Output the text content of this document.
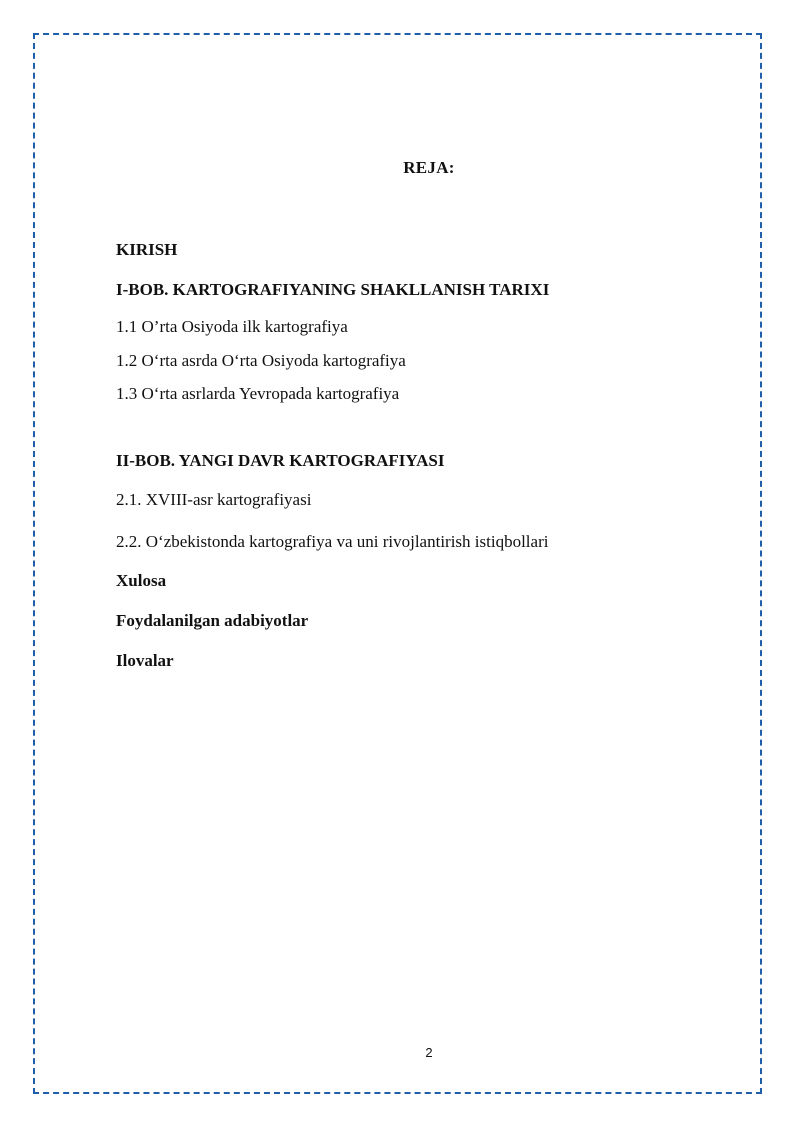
REJA:
KIRISH
I-BOB. KARTOGRAFIYANING SHAKLLANISH TARIXI
1.1 O’rta Osiyoda ilk kartografiya
1.2 O‘rta asrda O‘rta Osiyoda kartografiya
1.3 O‘rta asrlarda Yevropada kartografiya
II-BOB. YANGI DAVR KARTOGRAFIYASI
2.1. XVIII-asr kartografiyasi
2.2. O‘zbekistonda kartografiya va uni rivojlantirish istiqbollari
Xulosa
Foydalanilgan adabiyotlar
Ilovalar
2
